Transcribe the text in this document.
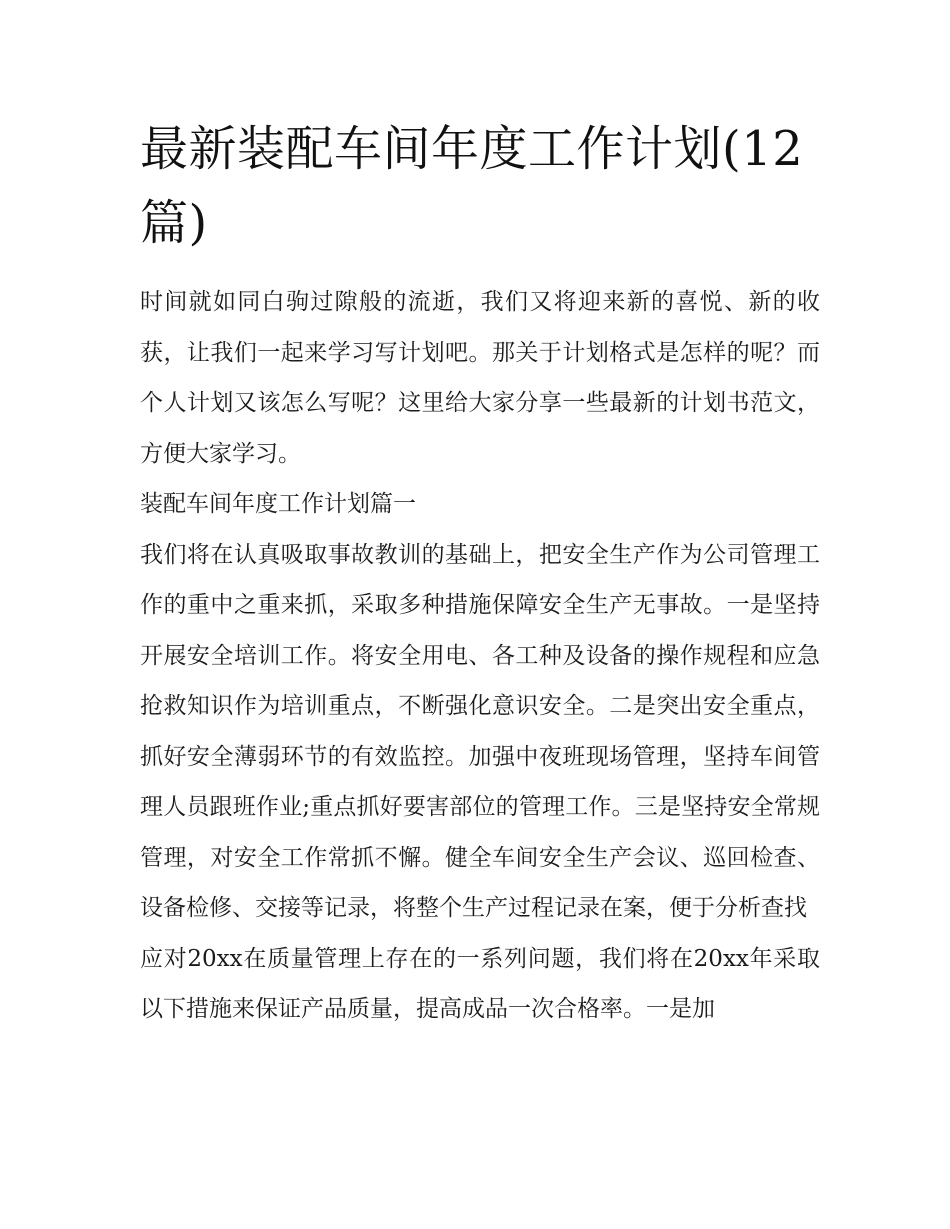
最新装配车间年度工作计划(12篇)

时间就如同白驹过隙般的流逝，我们又将迎来新的喜悦、新的收获，让我们一起来学习写计划吧。那关于计划格式是怎样的呢？而个人计划又该怎么写呢？这里给大家分享一些最新的计划书范文，方便大家学习。

装配车间年度工作计划篇一

我们将在认真吸取事故教训的基础上，把安全生产作为公司管理工作的重中之重来抓，采取多种措施保障安全生产无事故。一是坚持开展安全培训工作。将安全用电、各工种及设备的操作规程和应急抢救知识作为培训重点，不断强化意识安全。二是突出安全重点，抓好安全薄弱环节的有效监控。加强中夜班现场管理，坚持车间管理人员跟班作业;重点抓好要害部位的管理工作。三是坚持安全常规管理，对安全工作常抓不懈。健全车间安全生产会议、巡回检查、设备检修、交接等记录，将整个生产过程记录在案，便于分析查找

应对20xx在质量管理上存在的一系列问题，我们将在20xx年采取以下措施来保证产品质量，提高成品一次合格率。一是加
